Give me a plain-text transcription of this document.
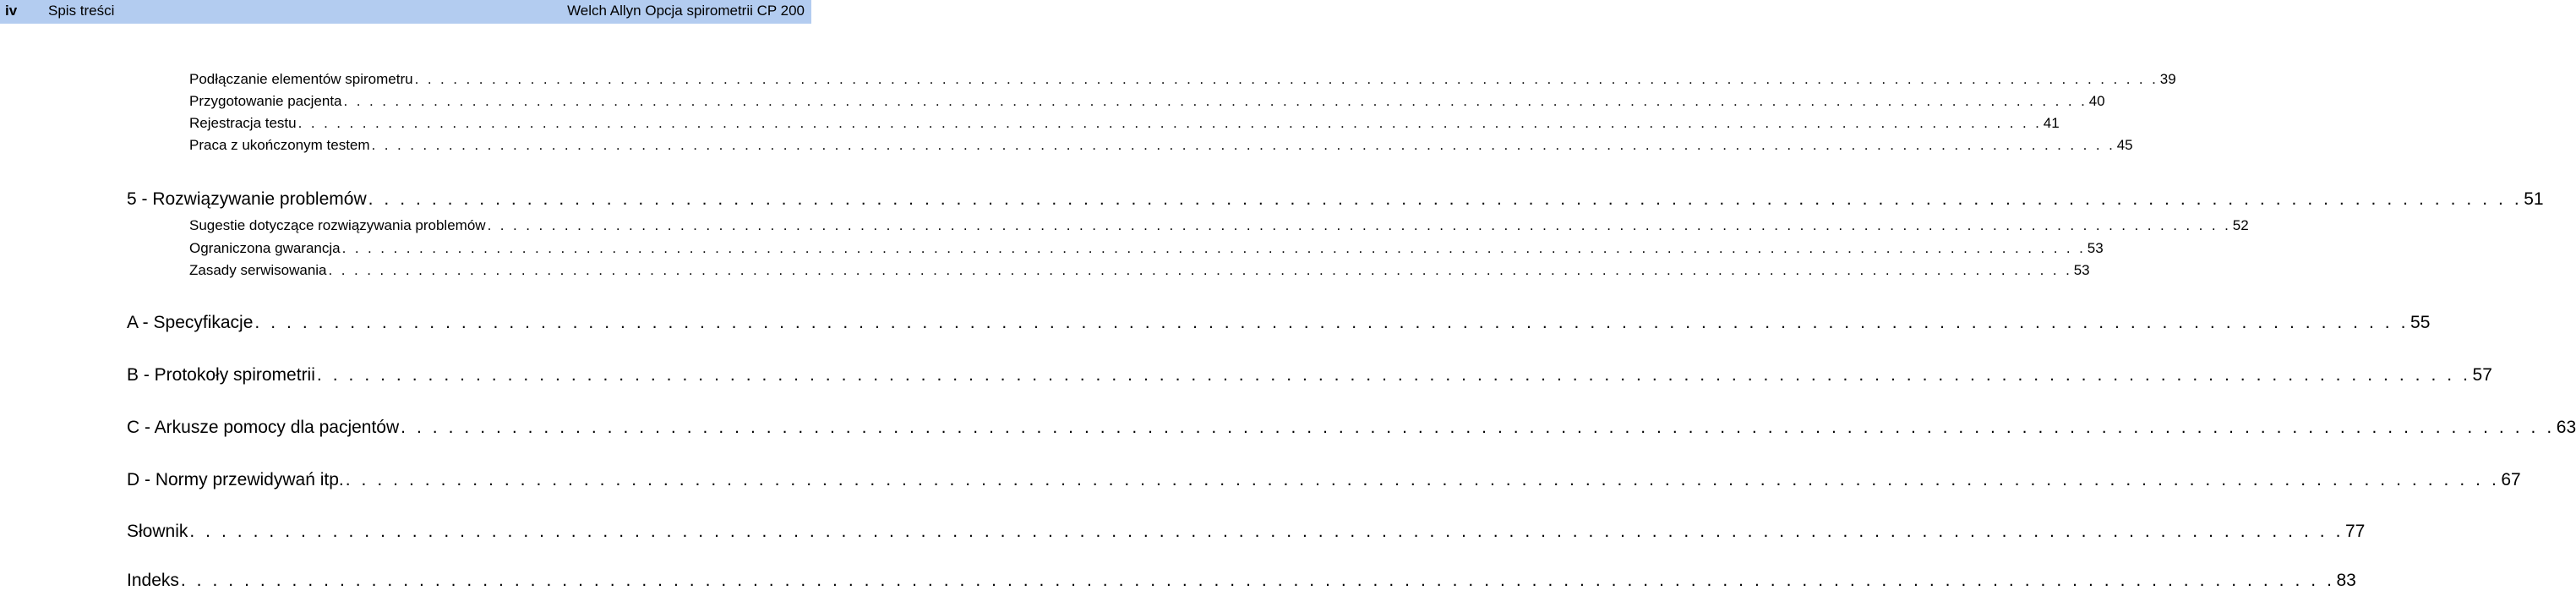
iv Spis treści	Welch Allyn Opcja spirometrii CP 200
Podłączanie elementów spirometru . . .	39
Przygotowanie pacjenta . . .	40
Rejestracja testu . . .	41
Praca z ukończonym testem . . .	45
5 - Rozwiązywanie problemów . . .	51
Sugestie dotyczące rozwiązywania problemów . . .	52
Ograniczona gwarancja . . .	53
Zasady serwisowania . . .	53
A - Specyfikacje . . .	55
B - Protokoły spirometrii . . .	57
C - Arkusze pomocy dla pacjentów . . .	63
D - Normy przewidywań itp. . . .	67
Słownik . . .	77
Indeks . . .	83
